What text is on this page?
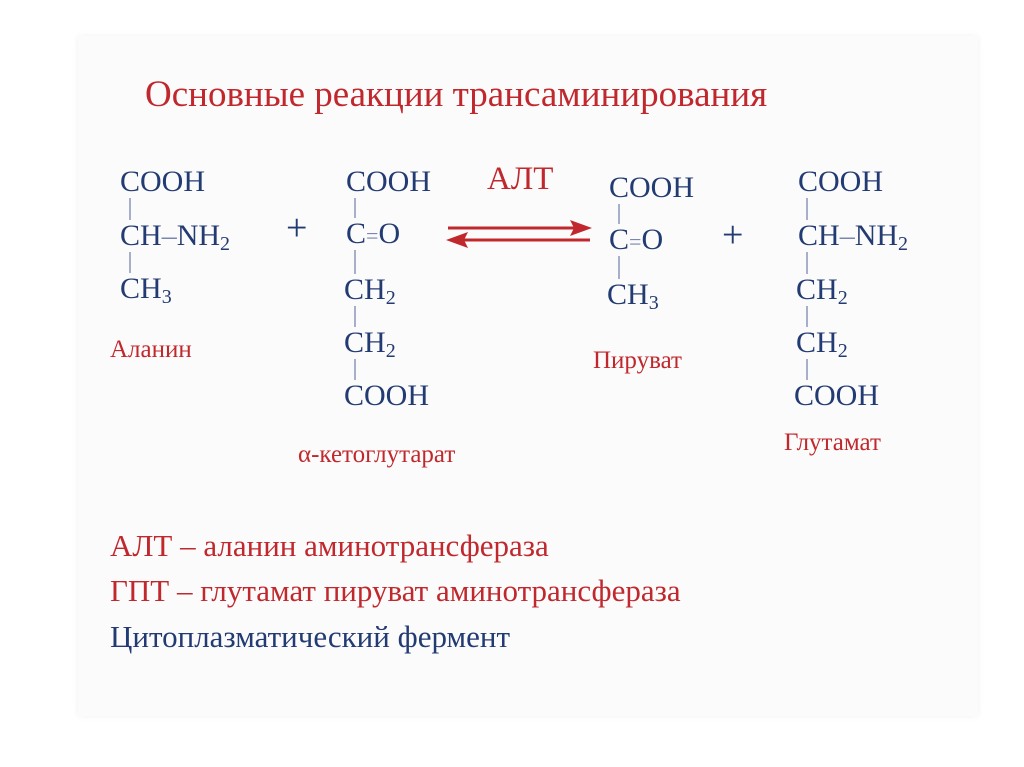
Основные реакции трансаминирования
АЛТ
COOH
$CH-NH_2$
$CH_3$
Аланин
+
COOH
C=O
$CH_2$
$CH_2$
COOH
α-кетоглутарат
COOH
C=O
$CH_3$
Пируват
+
COOH
$CH-NH_2$
$CH_2$
$CH_2$
COOH
Глутамат
АЛТ – аланин аминотрансфераза
ГПТ – глутамат пируват аминотрансфераза
Цитоплазматический фермент
